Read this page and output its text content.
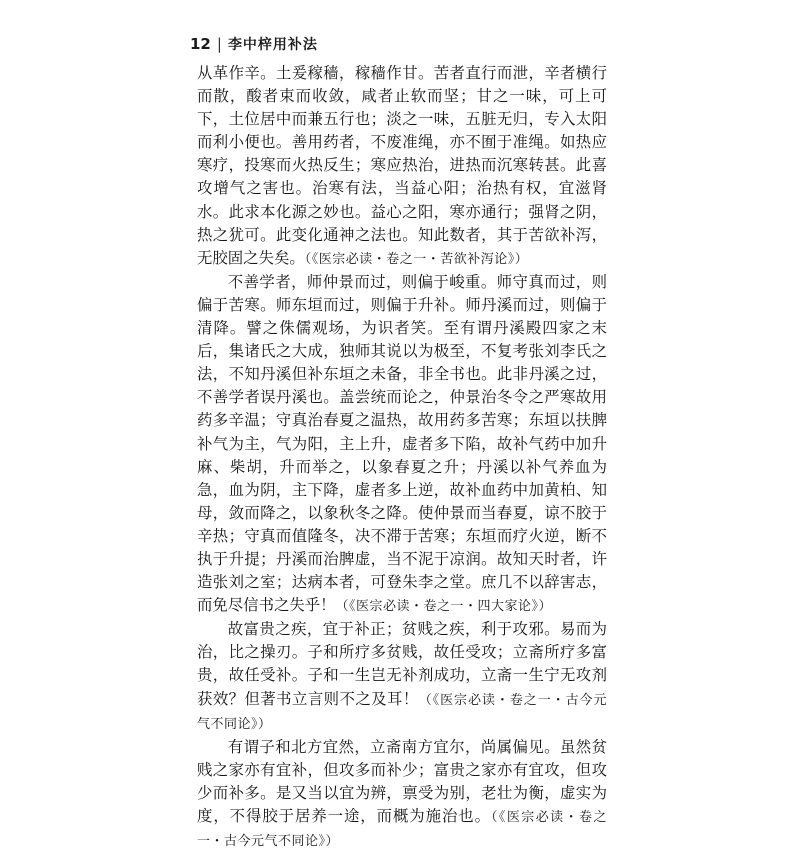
12 | 李中梓用补法

从革作辛。土爰稼穑，稼穑作甘。苦者直行而泄，辛者横行而散，酸者束而收敛，咸者止软而坚；甘之一味，可上可下，土位居中而兼五行也；淡之一味，五脏无归，专入太阳而利小便也。善用药者，不废准绳，亦不囿于准绳。如热应寒疗，投寒而火热反生；寒应热治，进热而沉寒转甚。此喜攻增气之害也。治寒有法，当益心阳；治热有权，宜滋肾水。此求本化源之妙也。益心之阳，寒亦通行；强肾之阴，热之犹可。此变化通神之法也。知此数者，其于苦欲补泻，无胶固之失矣。（《医宗必读・卷之一・苦欲补泻论》）

不善学者，师仲景而过，则偏于峻重。师守真而过，则偏于苦寒。师东垣而过，则偏于升补。师丹溪而过，则偏于清降。譬之侏儒观场，为识者笑。至有谓丹溪殿四家之末后，集诸氏之大成，独师其说以为极至，不复考张刘李氏之法，不知丹溪但补东垣之未备，非全书也。此非丹溪之过，不善学者误丹溪也。盖尝统而论之，仲景治冬令之严寒故用药多辛温；守真治春夏之温热，故用药多苦寒；东垣以扶脾补气为主，气为阳，主上升，虚者多下陷，故补气药中加升麻、柴胡，升而举之，以象春夏之升；丹溪以补气养血为急，血为阴，主下降，虚者多上逆，故补血药中加黄柏、知母，敛而降之，以象秋冬之降。使仲景而当春夏，谅不胶于辛热；守真而值隆冬，决不滞于苦寒；东垣而疗火逆，断不执于升提；丹溪而治脾虚，当不泥于凉润。故知天时者，许造张刘之室；达病本者，可登朱李之堂。庶几不以辞害志，而免尽信书之失乎！（《医宗必读・卷之一・四大家论》）

故富贵之疾，宜于补正；贫贱之疾，利于攻邪。易而为治，比之操刃。子和所疗多贫贱，故任受攻；立斋所疗多富贵，故任受补。子和一生岂无补剂成功，立斋一生宁无攻剂获效？但著书立言则不之及耳！（《医宗必读・卷之一・古今元气不同论》）

有谓子和北方宜然，立斋南方宜尔，尚属偏见。虽然贫贱之家亦有宜补，但攻多而补少；富贵之家亦有宜攻，但攻少而补多。是又当以宜为辨，禀受为别，老壮为衡，虚实为度，不得胶于居养一途，而概为施治也。（《医宗必读・卷之一・古今元气不同论》）
